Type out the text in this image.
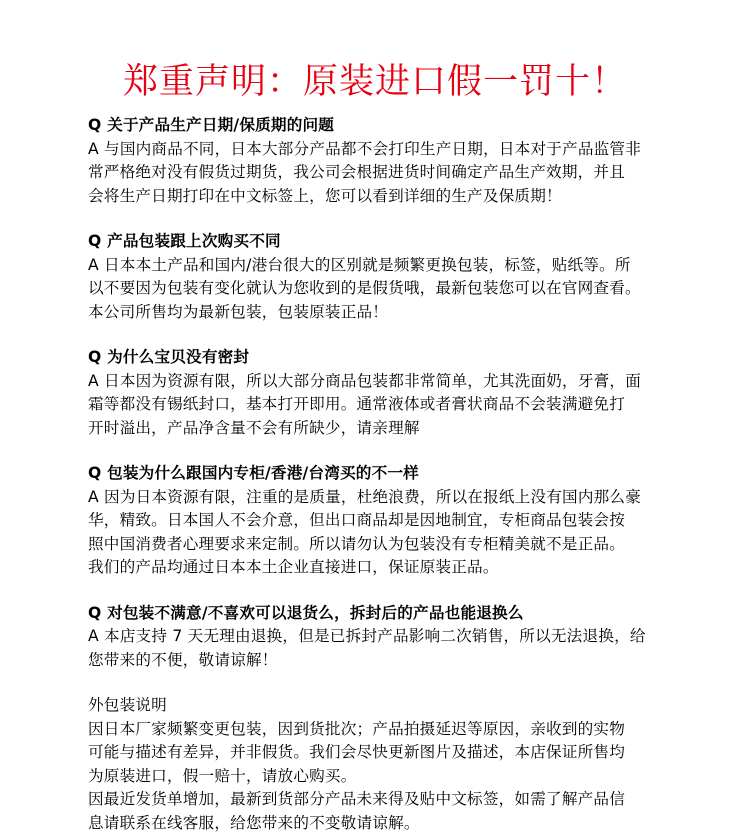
郑重声明：原装进口假一罚十！
Q 关于产品生产日期/保质期的问题
A 与国内商品不同，日本大部分产品都不会打印生产日期，日本对于产品监管非
常严格绝对没有假货过期货，我公司会根据进货时间确定产品生产效期，并且
会将生产日期打印在中文标签上，您可以看到详细的生产及保质期！
Q 产品包装跟上次购买不同
A 日本本土产品和国内/港台很大的区别就是频繁更换包装，标签，贴纸等。所
以不要因为包装有变化就认为您收到的是假货哦，最新包装您可以在官网查看。
本公司所售均为最新包装，包装原装正品！
Q 为什么宝贝没有密封
A 日本因为资源有限，所以大部分商品包装都非常简单，尤其洗面奶，牙膏，面
霜等都没有锡纸封口，基本打开即用。通常液体或者膏状商品不会装满避免打
开时溢出，产品净含量不会有所缺少，请亲理解
Q 包装为什么跟国内专柜/香港/台湾买的不一样
A 因为日本资源有限，注重的是质量，杜绝浪费，所以在报纸上没有国内那么豪
华，精致。日本国人不会介意，但出口商品却是因地制宜，专柜商品包装会按
照中国消费者心理要求来定制。所以请勿认为包装没有专柜精美就不是正品。
我们的产品均通过日本本土企业直接进口，保证原装正品。
Q 对包装不满意/不喜欢可以退货么，拆封后的产品也能退换么
A 本店支持 7 天无理由退换，但是已拆封产品影响二次销售，所以无法退换，给
您带来的不便，敬请谅解！
外包装说明
因日本厂家频繁变更包装，因到货批次；产品拍摄延迟等原因，亲收到的实物
可能与描述有差异，并非假货。我们会尽快更新图片及描述，本店保证所售均
为原装进口，假一赔十，请放心购买。
因最近发货单增加，最新到货部分产品未来得及贴中文标签，如需了解产品信
息请联系在线客服，给您带来的不变敬请谅解。
